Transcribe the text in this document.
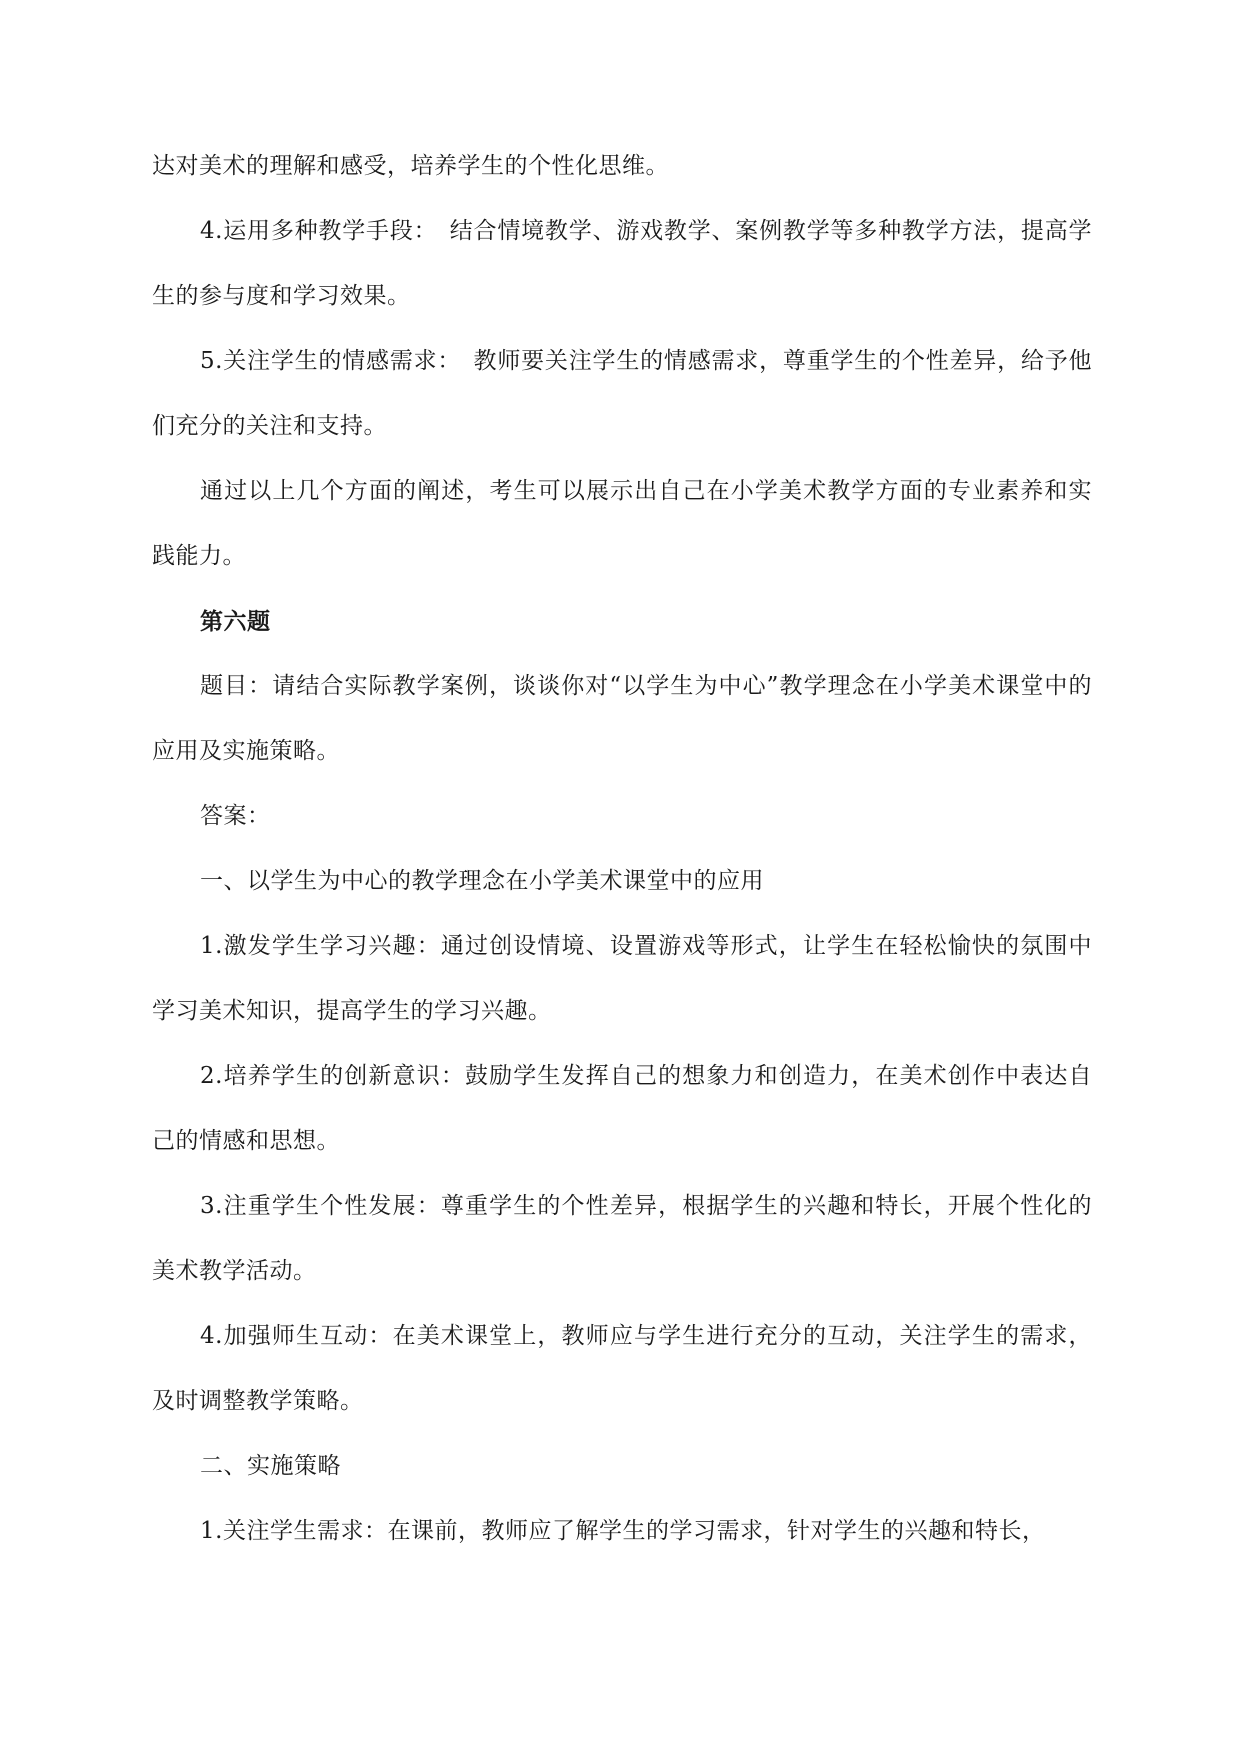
达对美术的理解和感受，培养学生的个性化思维。

4.运用多种教学手段：　结合情境教学、游戏教学、案例教学等多种教学方法，提高学生的参与度和学习效果。

5.关注学生的情感需求：　教师要关注学生的情感需求，尊重学生的个性差异，给予他们充分的关注和支持。

通过以上几个方面的阐述，考生可以展示出自己在小学美术教学方面的专业素养和实践能力。

第六题

题目：请结合实际教学案例，谈谈你对“以学生为中心”教学理念在小学美术课堂中的应用及实施策略。

答案：

一、以学生为中心的教学理念在小学美术课堂中的应用

1.激发学生学习兴趣：通过创设情境、设置游戏等形式，让学生在轻松愉快的氛围中学习美术知识，提高学生的学习兴趣。

2.培养学生的创新意识：鼓励学生发挥自己的想象力和创造力，在美术创作中表达自己的情感和思想。

3.注重学生个性发展：尊重学生的个性差异，根据学生的兴趣和特长，开展个性化的美术教学活动。

4.加强师生互动：在美术课堂上，教师应与学生进行充分的互动，关注学生的需求，及时调整教学策略。

二、实施策略

1.关注学生需求：在课前，教师应了解学生的学习需求，针对学生的兴趣和特长，
